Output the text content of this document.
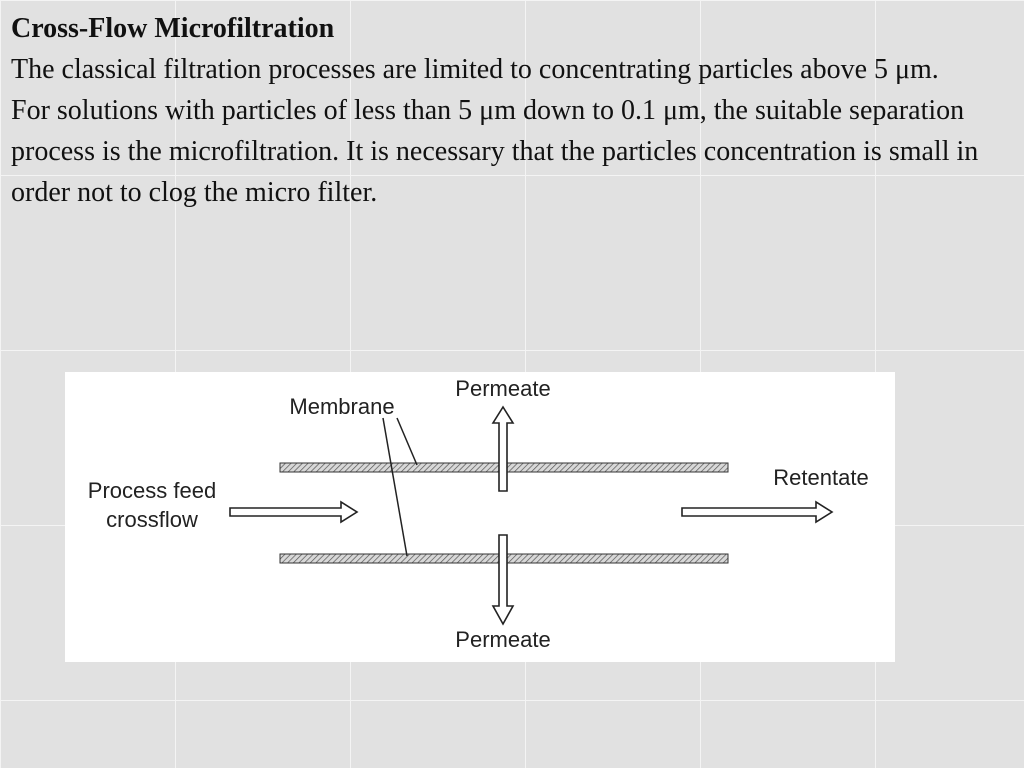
Cross-Flow Microfiltration

The classical filtration processes are limited to concentrating particles above 5 μm.

For solutions with particles of less than 5 μm down to 0.1 μm, the suitable separation process is the microfiltration. It is necessary that the particles concentration is small in order not to clog the micro filter.

Permeate
Membrane
Process feed
crossflow
Retentate
Permeate
